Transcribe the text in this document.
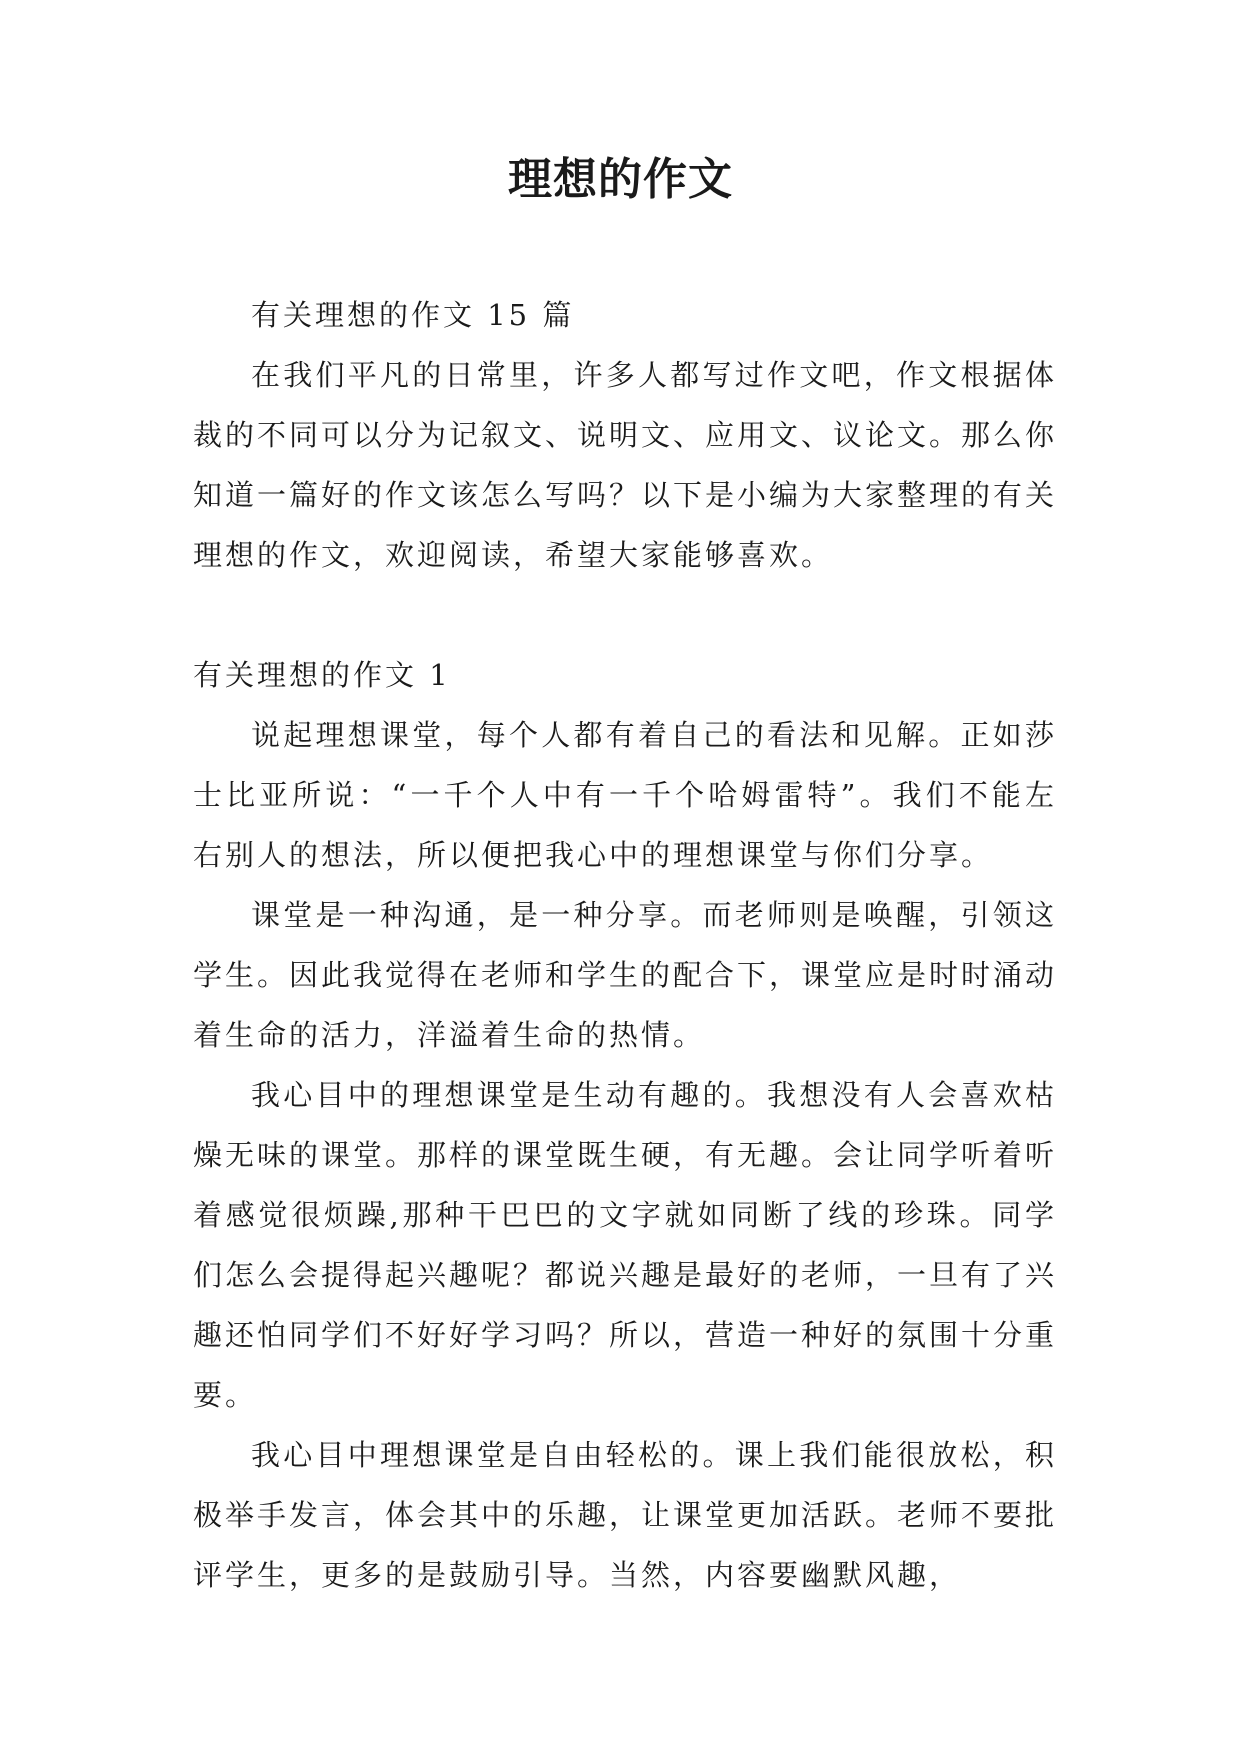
理想的作文

有关理想的作文 15 篇

在我们平凡的日常里，许多人都写过作文吧，作文根据体裁的不同可以分为记叙文、说明文、应用文、议论文。那么你知道一篇好的作文该怎么写吗？以下是小编为大家整理的有关理想的作文，欢迎阅读，希望大家能够喜欢。

有关理想的作文 1

说起理想课堂，每个人都有着自己的看法和见解。正如莎士比亚所说：“一千个人中有一千个哈姆雷特”。我们不能左右别人的想法，所以便把我心中的理想课堂与你们分享。

课堂是一种沟通，是一种分享。而老师则是唤醒，引领这学生。因此我觉得在老师和学生的配合下，课堂应是时时涌动着生命的活力，洋溢着生命的热情。

我心目中的理想课堂是生动有趣的。我想没有人会喜欢枯燥无味的课堂。那样的课堂既生硬，有无趣。会让同学听着听着感觉很烦躁,那种干巴巴的文字就如同断了线的珍珠。同学们怎么会提得起兴趣呢？都说兴趣是最好的老师，一旦有了兴趣还怕同学们不好好学习吗？所以，营造一种好的氛围十分重要。

我心目中理想课堂是自由轻松的。课上我们能很放松，积极举手发言，体会其中的乐趣，让课堂更加活跃。老师不要批评学生，更多的是鼓励引导。当然，内容要幽默风趣，
